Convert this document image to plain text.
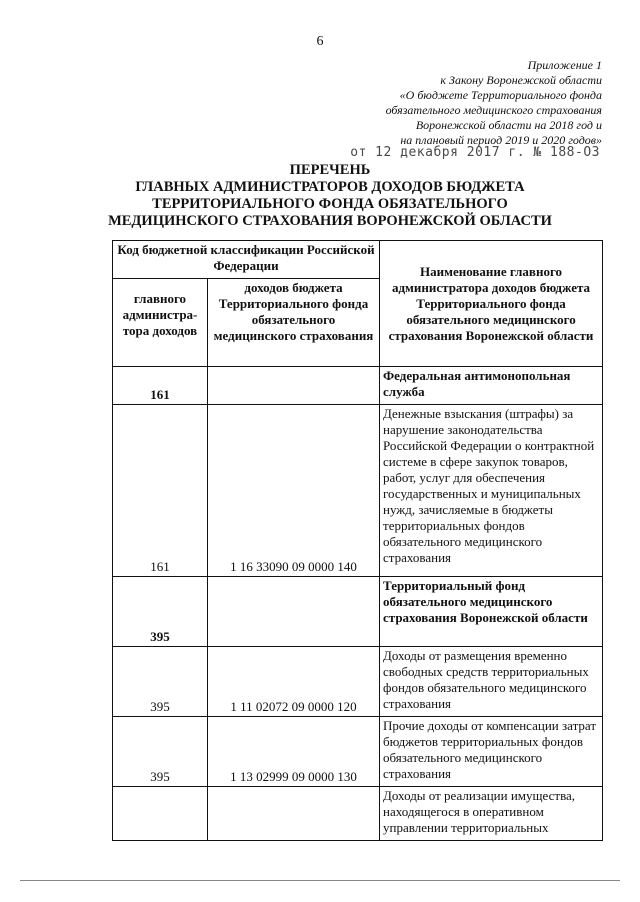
6
Приложение 1
к Закону Воронежской области
«О бюджете Территориального фонда
обязательного медицинского страхования
Воронежской области на 2018 год и
на плановый период 2019 и 2020 годов»
от 12 декабря 2017 г. № 188-ОЗ
ПЕРЕЧЕНЬ
ГЛАВНЫХ АДМИНИСТРАТОРОВ ДОХОДОВ БЮДЖЕТА
ТЕРРИТОРИАЛЬНОГО ФОНДА ОБЯЗАТЕЛЬНОГО
МЕДИЦИНСКОГО СТРАХОВАНИЯ ВОРОНЕЖСКОЙ ОБЛАСТИ
Код бюджетной классификации Российской Федерации		Наименование главного администратора доходов бюджета Территориального фонда обязательного медицинского страхования Воронежской области
главного администра-тора доходов	доходов бюджета Территориального фонда обязательного медицинского страхования	
161		Федеральная антимонопольная служба
161	1 16 33090 09 0000 140	Денежные взыскания (штрафы) за нарушение законодательства Российской Федерации о контрактной системе в сфере закупок товаров, работ, услуг для обеспечения государственных и муниципальных нужд, зачисляемые в бюджеты территориальных фондов обязательного медицинского страхования
395		Территориальный фонд обязательного медицинского страхования Воронежской области
395	1 11 02072 09 0000 120	Доходы от размещения временно свободных средств территориальных фондов обязательного медицинского страхования
395	1 13 02999 09 0000 130	Прочие доходы от компенсации затрат бюджетов территориальных фондов обязательного медицинского страхования
		Доходы от реализации имущества, находящегося в оперативном управлении территориальных
